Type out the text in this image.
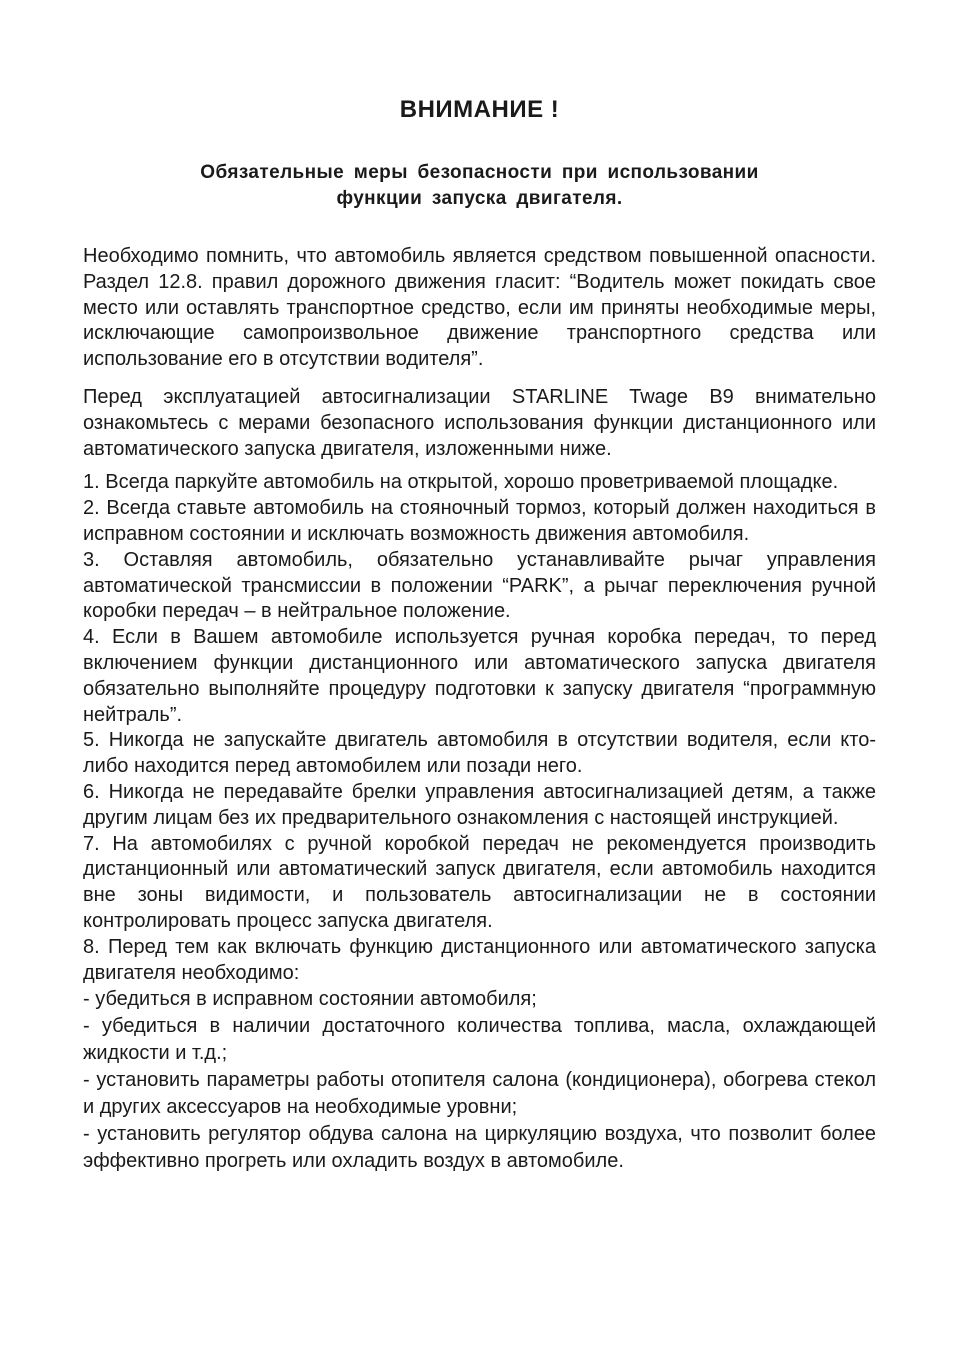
ВНИМАНИЕ !
Обязательные меры безопасности при использовании
функции запуска двигателя.

Необходимо помнить, что автомобиль является средством повышенной опасности. Раздел 12.8. правил дорожного движения гласит: “Водитель может покидать свое место или оставлять транспортное средство, если им приняты необходимые меры, исключающие самопроизвольное движение транспортного средства или использование его в отсутствии водителя”.

Перед эксплуатацией автосигнализации STARLINE Twage B9 внимательно ознакомьтесь с мерами безопасного использования функции дистанционного или автоматического запуска двигателя, изложенными ниже.

1. Всегда паркуйте автомобиль на открытой, хорошо проветриваемой площадке.

2. Всегда ставьте автомобиль на стояночный тормоз, который должен находиться в исправном состоянии и исключать возможность движения автомобиля.

3. Оставляя автомобиль, обязательно устанавливайте рычаг управления автоматической трансмиссии в положении “PARK”, а рычаг переключения ручной коробки передач – в нейтральное положение.

4. Если в Вашем автомобиле используется ручная коробка передач, то перед включением функции дистанционного или автоматического запуска двигателя обязательно выполняйте процедуру подготовки к запуску двигателя “программную нейтраль”.

5. Никогда не запускайте двигатель автомобиля в отсутствии водителя, если кто-либо находится перед автомобилем или позади него.

6. Никогда не передавайте брелки управления автосигнализацией детям, а также другим лицам без их предварительного ознакомления с настоящей инструкцией.

7. На автомобилях с ручной коробкой передач не рекомендуется производить дистанционный или автоматический запуск двигателя, если автомобиль находится вне зоны видимости, и пользователь автосигнализации не в состоянии контролировать процесс запуска двигателя.

8. Перед тем как включать функцию дистанционного или автоматического запуска двигателя необходимо:

- убедиться в исправном состоянии автомобиля;

- убедиться в наличии достаточного количества топлива, масла, охлаждающей жидкости и т.д.;

- установить параметры работы отопителя салона (кондиционера), обогрева стекол и других аксессуаров на необходимые уровни;

- установить регулятор обдува салона на циркуляцию воздуха, что позволит более эффективно прогреть или охладить воздух в автомобиле.
